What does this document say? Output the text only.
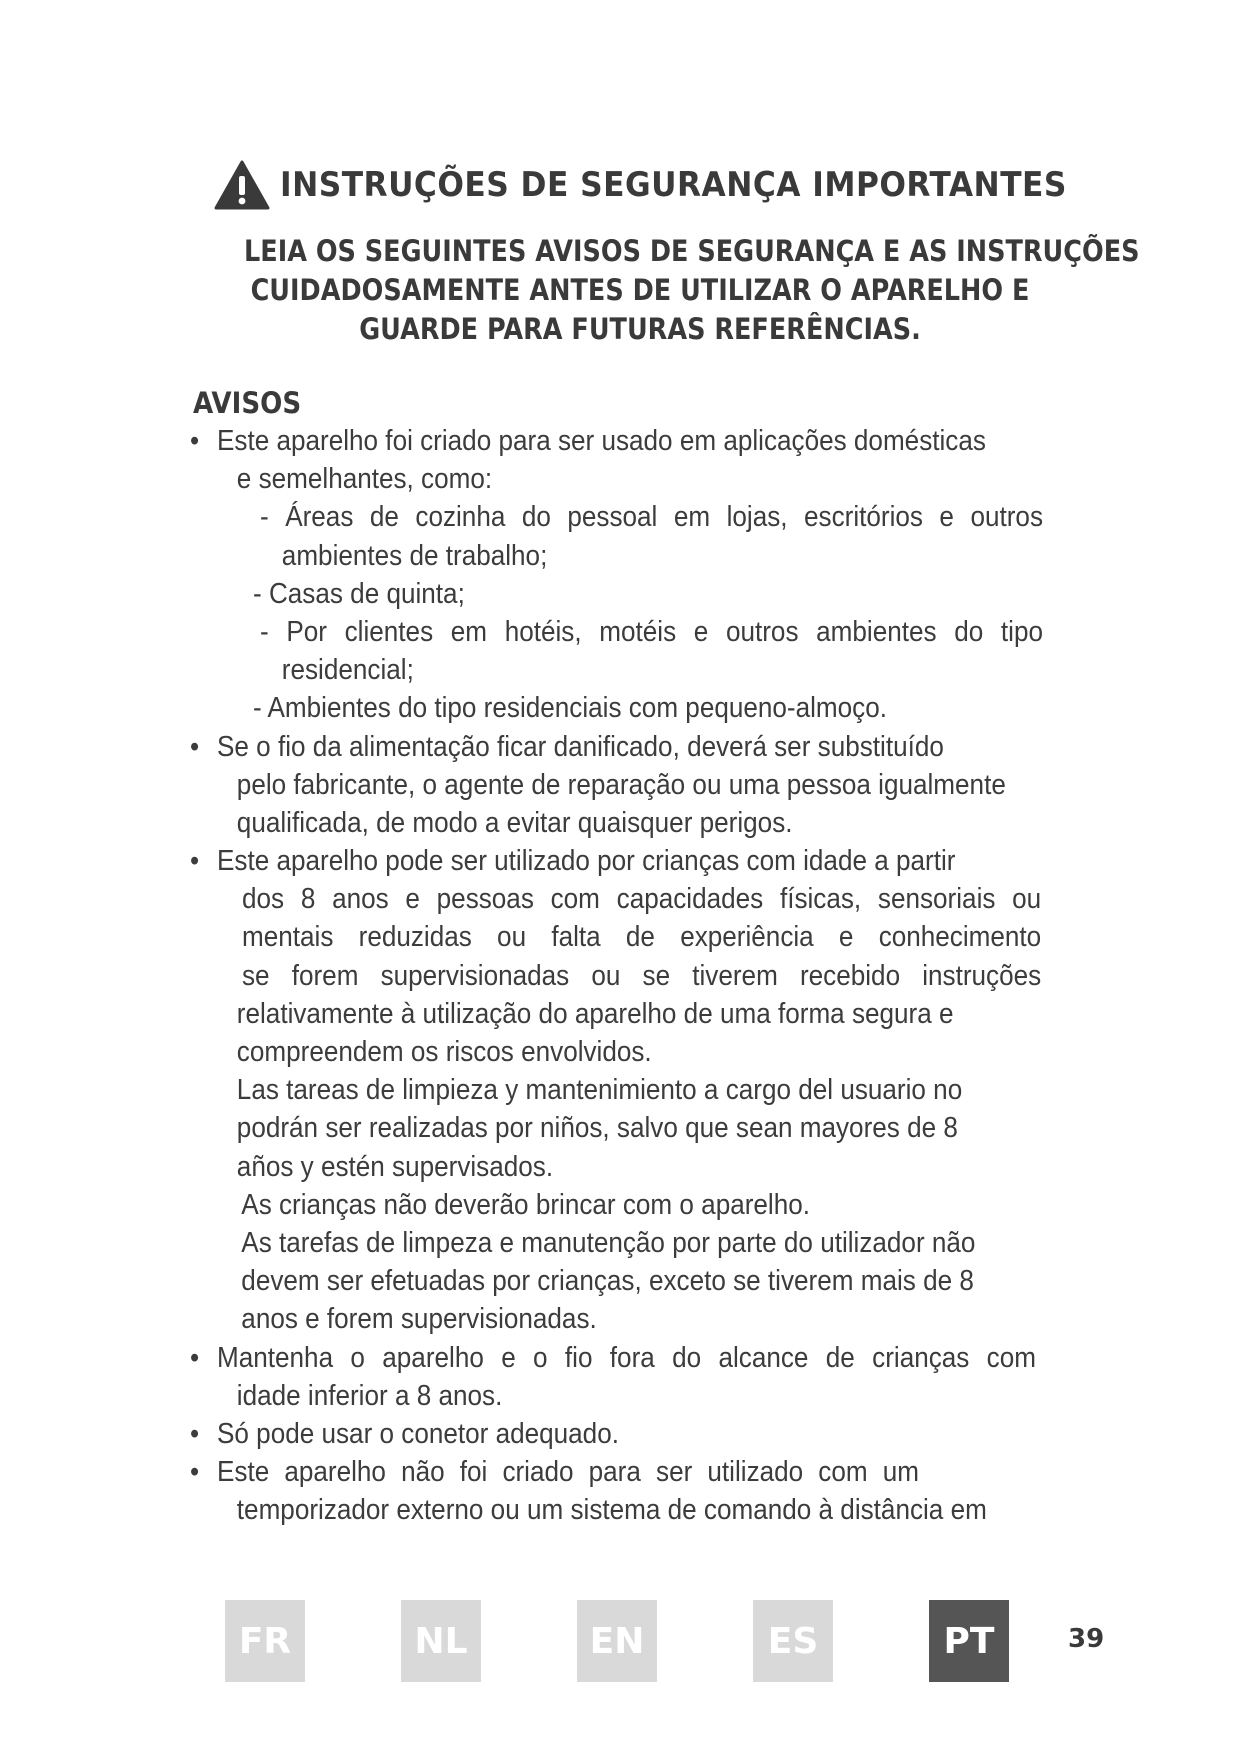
INSTRUÇÕES DE SEGURANÇA IMPORTANTES
LEIA OS SEGUINTES AVISOS DE SEGURANÇA E AS INSTRUÇÕES
CUIDADOSAMENTE ANTES DE UTILIZAR O APARELHO E
GUARDE PARA FUTURAS REFERÊNCIAS.
AVISOS
• Este aparelho foi criado para ser usado em aplicações domésticas
e semelhantes, como:
- Áreas de cozinha do pessoal em lojas, escritórios e outros
ambientes de trabalho;
- Casas de quinta;
- Por clientes em hotéis, motéis e outros ambientes do tipo
residencial;
- Ambientes do tipo residenciais com pequeno-almoço.
• Se o fio da alimentação ficar danificado, deverá ser substituído
pelo fabricante, o agente de reparação ou uma pessoa igualmente
qualificada, de modo a evitar quaisquer perigos.
• Este aparelho pode ser utilizado por crianças com idade a partir
dos 8 anos e pessoas com capacidades físicas, sensoriais ou
mentais reduzidas ou falta de experiência e conhecimento
se forem supervisionadas ou se tiverem recebido instruções
relativamente à utilização do aparelho de uma forma segura e
compreendem os riscos envolvidos.
Las tareas de limpieza y mantenimiento a cargo del usuario no
podrán ser realizadas por niños, salvo que sean mayores de 8
años y estén supervisados.
As crianças não deverão brincar com o aparelho.
As tarefas de limpeza e manutenção por parte do utilizador não
devem ser efetuadas por crianças, exceto se tiverem mais de 8
anos e forem supervisionadas.
• Mantenha o aparelho e o fio fora do alcance de crianças com
idade inferior a 8 anos.
• Só pode usar o conetor adequado.
• Este aparelho não foi criado para ser utilizado com um
temporizador externo ou um sistema de comando à distância em
FR	NL	EN	ES	PT	39
